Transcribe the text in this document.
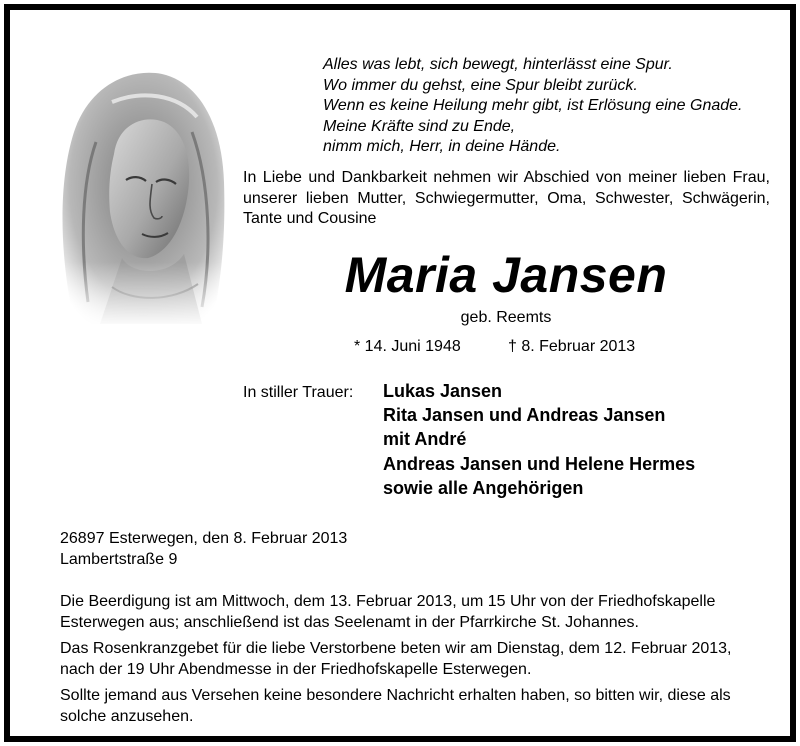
Alles was lebt, sich bewegt, hinterlässt eine Spur.
Wo immer du gehst, eine Spur bleibt zurück.
Wenn es keine Heilung mehr gibt, ist Erlösung eine Gnade.
Meine Kräfte sind zu Ende,
nimm mich, Herr, in deine Hände.
In Liebe und Dankbarkeit nehmen wir Abschied von meiner lieben Frau, unserer lieben Mutter, Schwiegermutter, Oma, Schwester, Schwägerin, Tante und Cousine
Maria Jansen
geb. Reemts
* 14. Juni 1948	† 8. Februar 2013
In stiller Trauer: Lukas Jansen
Rita Jansen und Andreas Jansen
mit André
Andreas Jansen und Helene Hermes
sowie alle Angehörigen
26897 Esterwegen, den 8. Februar 2013
Lambertstraße 9

Die Beerdigung ist am Mittwoch, dem 13. Februar 2013, um 15 Uhr von der Friedhofskapelle Esterwegen aus; anschließend ist das Seelenamt in der Pfarrkirche St. Johannes.

Das Rosenkranzgebet für die liebe Verstorbene beten wir am Dienstag, dem 12. Februar 2013, nach der 19 Uhr Abendmesse in der Friedhofskapelle Esterwegen.

Sollte jemand aus Versehen keine besondere Nachricht erhalten haben, so bitten wir, diese als solche anzusehen.
